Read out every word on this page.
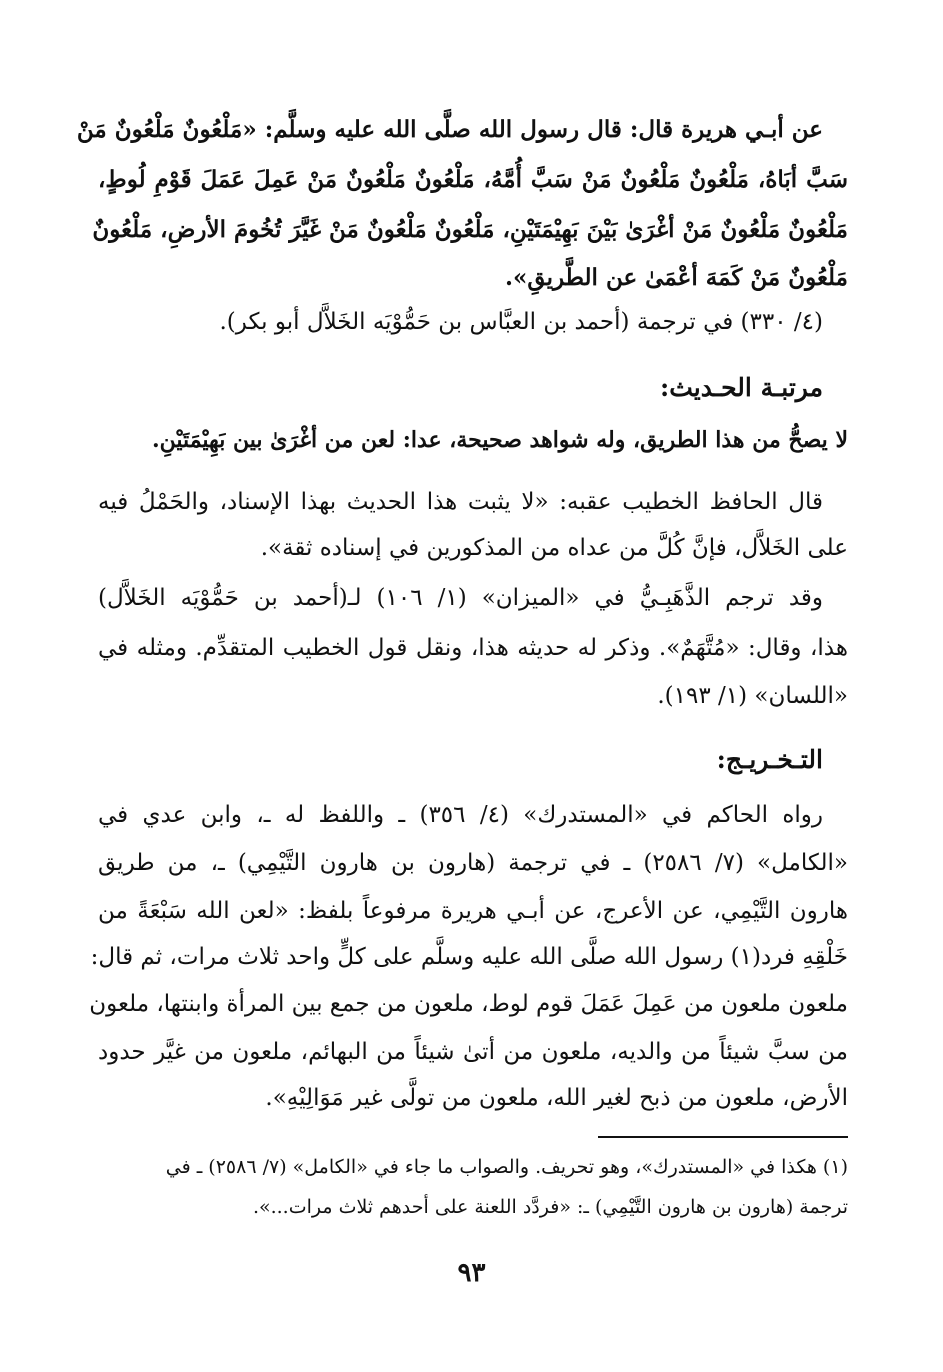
عن أبـي هريرة قال: قال رسول الله صلَّى الله عليه وسلَّم: «مَلْعُونٌ مَلْعُونٌ مَنْ
سَبَّ أبَاهُ، مَلْعُونٌ مَلْعُونٌ مَنْ سَبَّ أُمَّهُ، مَلْعُونٌ مَلْعُونٌ مَنْ عَمِلَ عَمَلَ قَوْمِ لُوطٍ،
مَلْعُونٌ مَلْعُونٌ مَنْ أغْرَىٰ بَيْنَ بَهِيْمَتَيْنِ، مَلْعُونٌ مَلْعُونٌ مَنْ غَيَّرَ تُخُومَ الأرضِ، مَلْعُونٌ
مَلْعُونٌ مَنْ كَمَهَ أعْمَىٰ عن الطَّريقِ».
(٤/ ٣٣٠) في ترجمة (أحمد بن العبَّاس بن حَمُّوْيَه الخَلاَّل أبو بكر).
مرتبـة الحـديث:
لا يصحُّ من هذا الطريق، وله شواهد صحيحة، عدا: لعن من أغْرَىٰ بين بَهِيْمَتَيْنِ.
قال الحافظ الخطيب عقبه: «لا يثبت هذا الحديث بهذا الإسناد، والحَمْلُ فيه
على الخَلاَّل، فإنَّ كُلَّ من عداه من المذكورين في إسناده ثقة».
وقد ترجم الذَّهَبِـيُّ في «الميزان» (١/ ١٠٦) لـ(أحمد بن حَمُّوْيَه الخَلاَّل)
هذا، وقال: «مُتَّهَمٌ». وذكر له حديثه هذا، ونقل قول الخطيب المتقدِّم. ومثله في
«اللسان» (١/ ١٩٣).
التـخـريـج:
رواه الحاكم في «المستدرك» (٤/ ٣٥٦) ـ واللفظ له ـ، وابن عدي في
«الكامل» (٧/ ٢٥٨٦) ـ في ترجمة (هارون بن هارون التَّيْمِي) ـ، من طريق
هارون التَّيْمِي، عن الأعرج، عن أبـي هريرة مرفوعاً بلفظ: «لعن الله سَبْعَةً من
خَلْقِهِ فرد(١) رسول الله صلَّى الله عليه وسلَّم على كلٍّ واحد ثلاث مرات، ثم قال:
ملعون ملعون من عَمِلَ عَمَلَ قوم لوط، ملعون من جمع بين المرأة وابنتها، ملعون
من سبَّ شيئاً من والديه، ملعون من أتىٰ شيئاً من البهائم، ملعون من غيَّر حدود
الأرض، ملعون من ذبح لغير الله، ملعون من تولَّى غير مَوَالِيْهِ».
(١) هكذا في «المستدرك»، وهو تحريف. والصواب ما جاء في «الكامل» (٧/ ٢٥٨٦) ـ في
ترجمة (هارون بن هارون التَّيْمِي) ـ: «فردَّد اللعنة على أحدهم ثلاث مرات...».
٩٣
